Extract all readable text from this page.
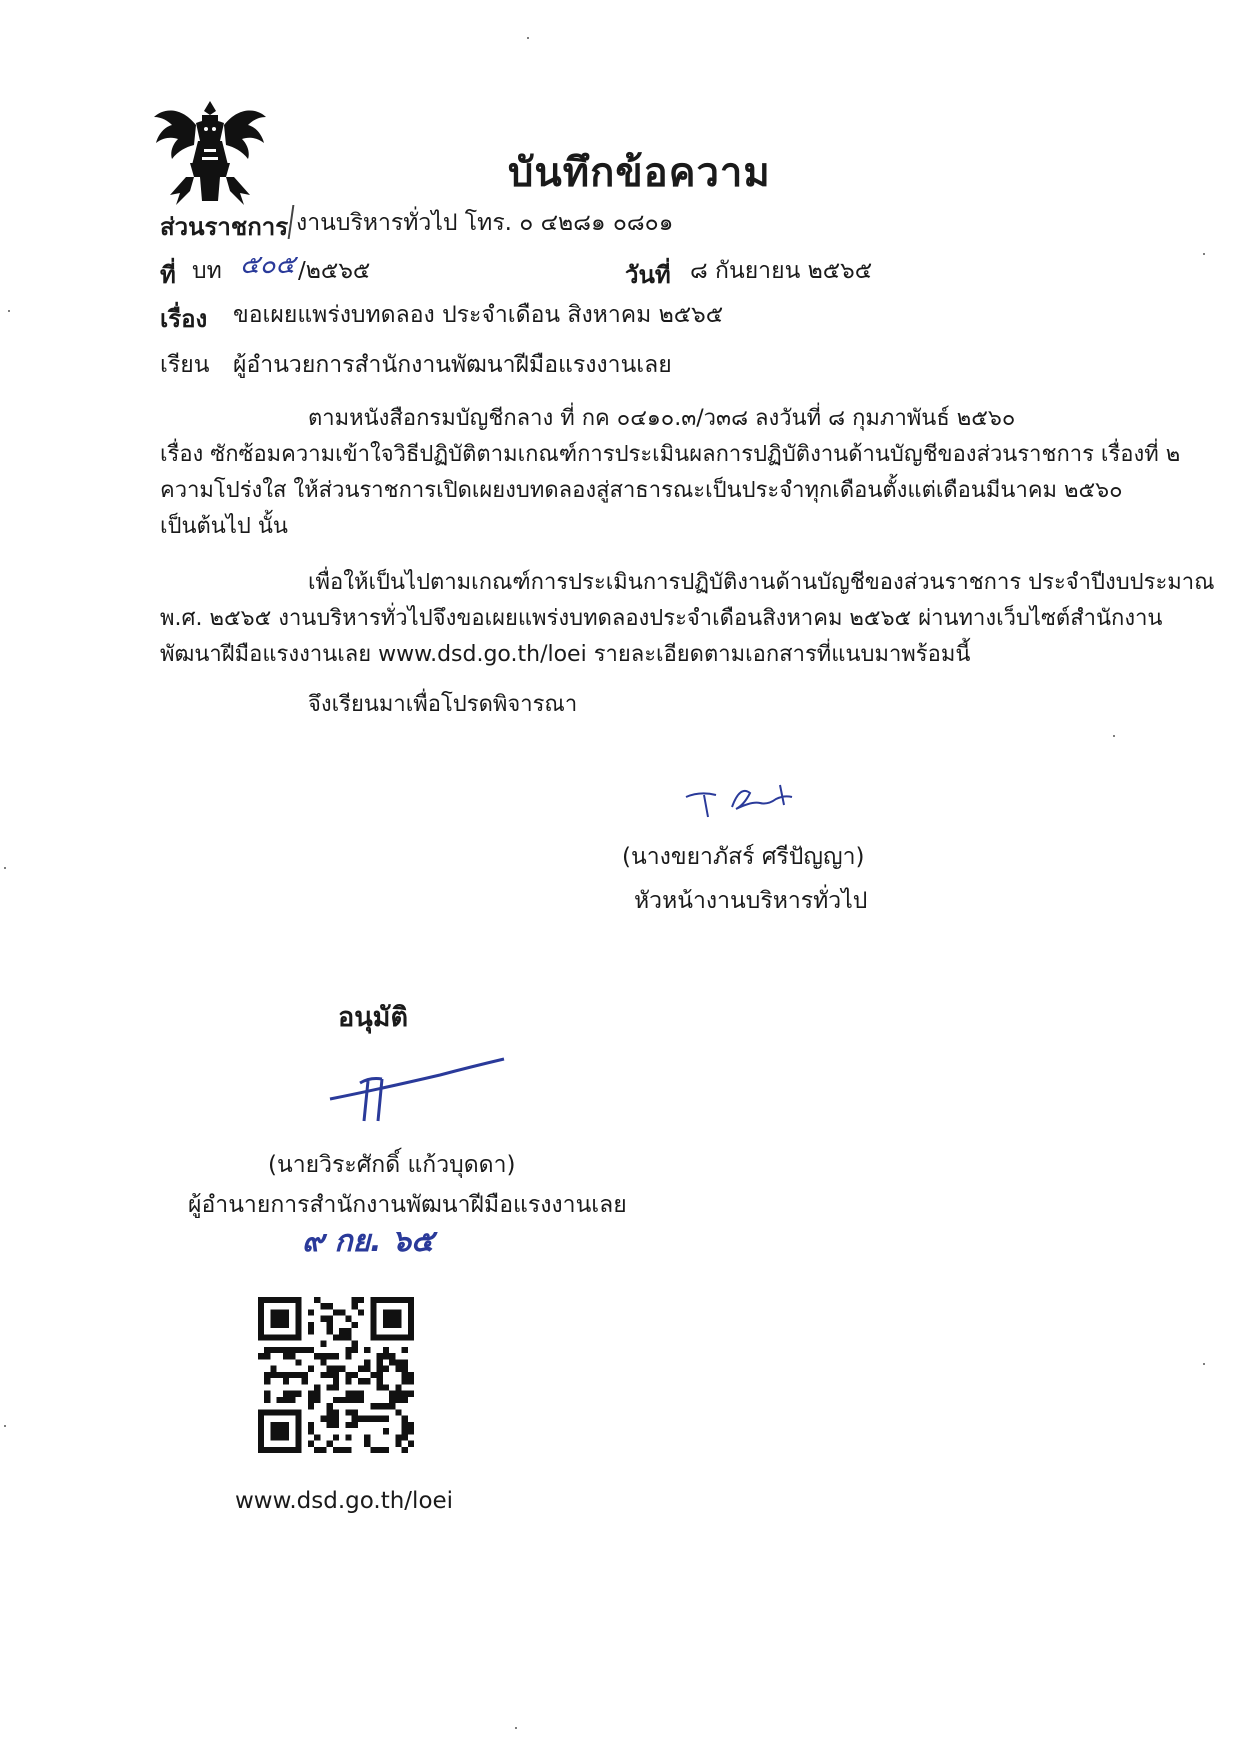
บันทึกข้อความ
ส่วนราชการ งานบริหารทั่วไป โทร. ๐ ๔๒๘๑ ๐๘๐๑
ที่ บท ๕๐๕ /๒๕๖๕	วันที่ ๘ กันยายน ๒๕๖๕
เรื่อง ขอเผยแพร่งบทดลอง ประจำเดือน สิงหาคม ๒๕๖๕
เรียน ผู้อำนวยการสำนักงานพัฒนาฝีมือแรงงานเลย
ตามหนังสือกรมบัญชีกลาง ที่ กค ๐๔๑๐.๓/ว๓๘ ลงวันที่ ๘ กุมภาพันธ์ ๒๕๖๐
เรื่อง ซักซ้อมความเข้าใจวิธีปฏิบัติตามเกณฑ์การประเมินผลการปฏิบัติงานด้านบัญชีของส่วนราชการ เรื่องที่ ๒
ความโปร่งใส ให้ส่วนราชการเปิดเผยงบทดลองสู่สาธารณะเป็นประจำทุกเดือนตั้งแต่เดือนมีนาคม ๒๕๖๐
เป็นต้นไป นั้น
เพื่อให้เป็นไปตามเกณฑ์การประเมินการปฏิบัติงานด้านบัญชีของส่วนราชการ ประจำปีงบประมาณ
พ.ศ. ๒๕๖๕ งานบริหารทั่วไปจึงขอเผยแพร่งบทดลองประจำเดือนสิงหาคม ๒๕๖๕ ผ่านทางเว็บไซต์สำนักงาน
พัฒนาฝีมือแรงงานเลย www.dsd.go.th/loei รายละเอียดตามเอกสารที่แนบมาพร้อมนี้
จึงเรียนมาเพื่อโปรดพิจารณา
(นางขยาภัสร์ ศรีปัญญา)
หัวหน้างานบริหารทั่วไป
อนุมัติ
(นายวิระศักดิ์ แก้วบุดดา)
ผู้อำนายการสำนักงานพัฒนาฝีมือแรงงานเลย
๙ กย. ๖๕
www.dsd.go.th/loei
